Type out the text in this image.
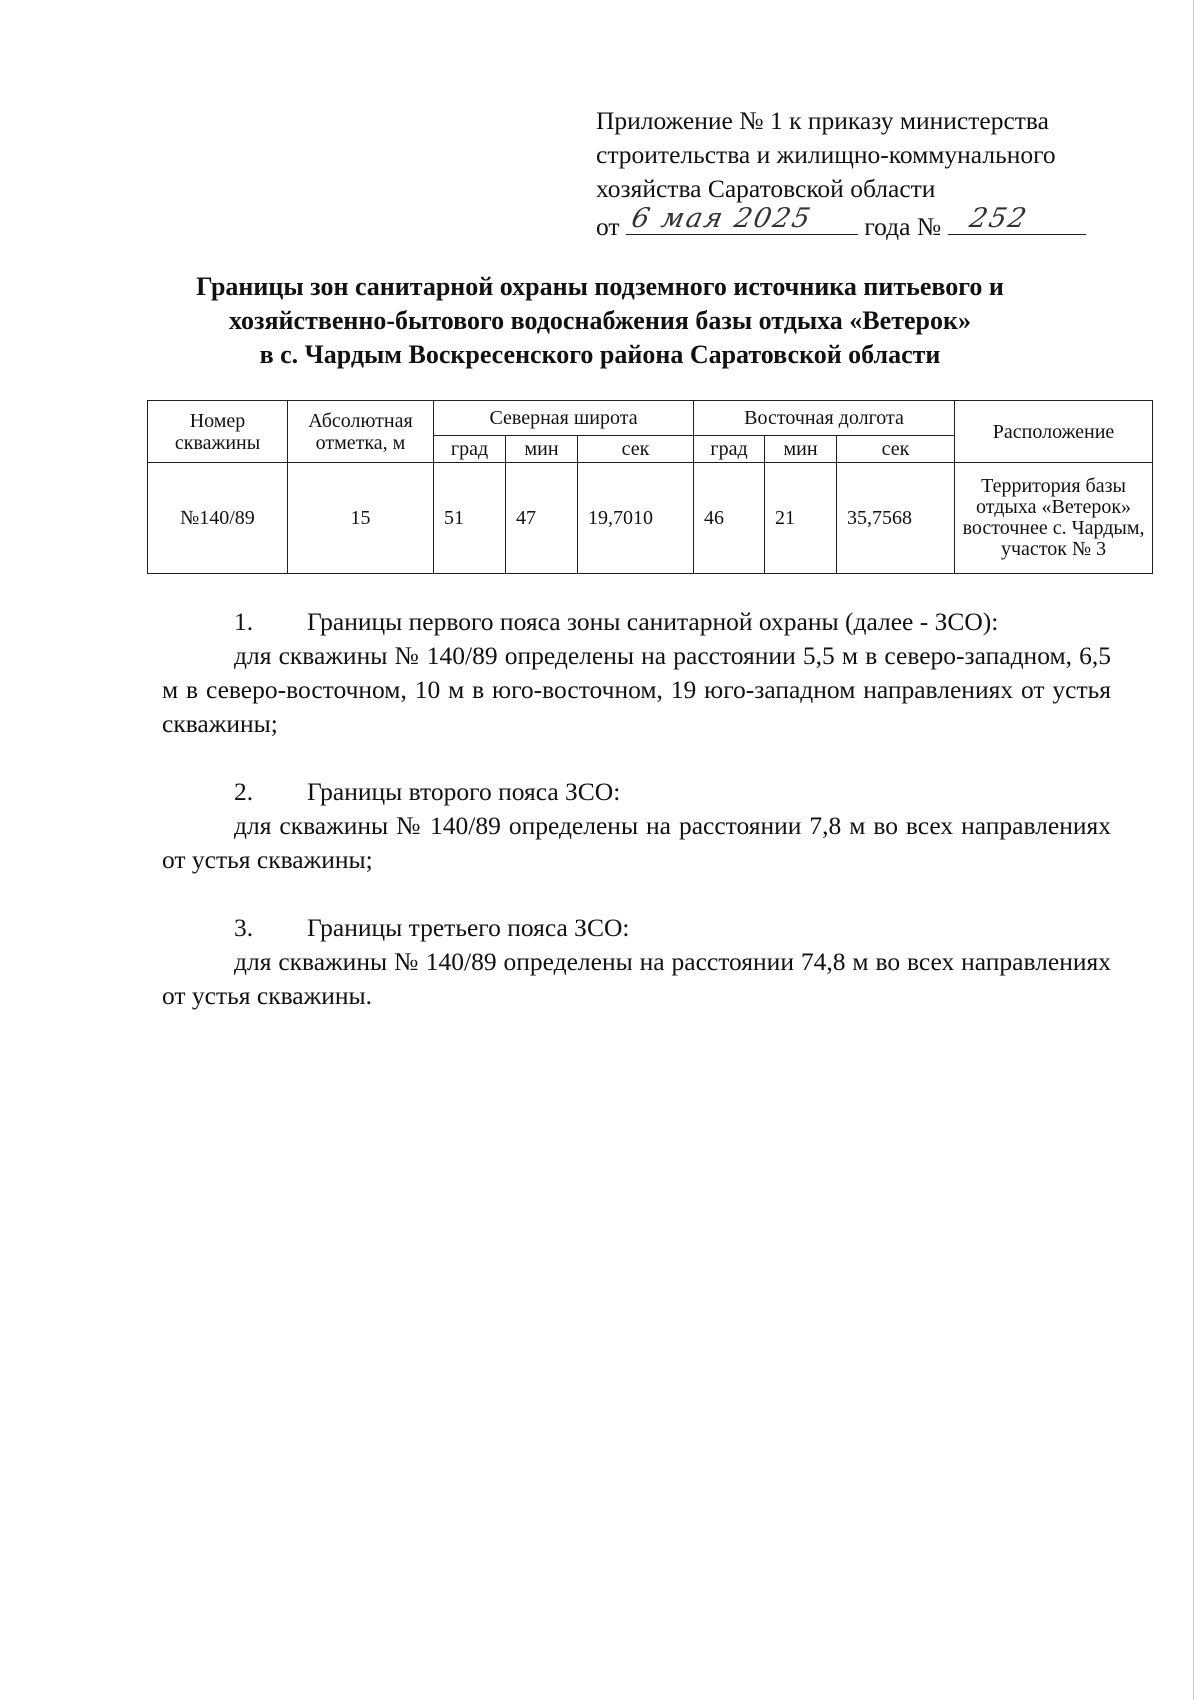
Приложение № 1 к приказу министерства
строительства и жилищно-коммунального
хозяйства Саратовской области
от 6 мая 2025 года № 252
Границы зон санитарной охраны подземного источника питьевого и
хозяйственно-бытового водоснабжения базы отдыха «Ветерок»
в с. Чардым Воскресенского района Саратовской области
Номер скважины	Абсолютная отметка, м	Северная широта			Восточная долгота			Расположение
		град	мин	сек	град	мин	сек	
№140/89	15	51	47	19,7010	46	21	35,7568	Территория базы отдыха «Ветерок» восточнее с. Чардым, участок № 3
1. Границы первого пояса зоны санитарной охраны (далее - ЗСО):
для скважины № 140/89 определены на расстоянии 5,5 м в северо-западном, 6,5 м в северо-восточном, 10 м в юго-восточном, 19 юго-западном направлениях от устья скважины;
2. Границы второго пояса ЗСО:
для скважины № 140/89 определены на расстоянии 7,8 м во всех направлениях от устья скважины;
3. Границы третьего пояса ЗСО:
для скважины № 140/89 определены на расстоянии 74,8 м во всех направлениях от устья скважины.
